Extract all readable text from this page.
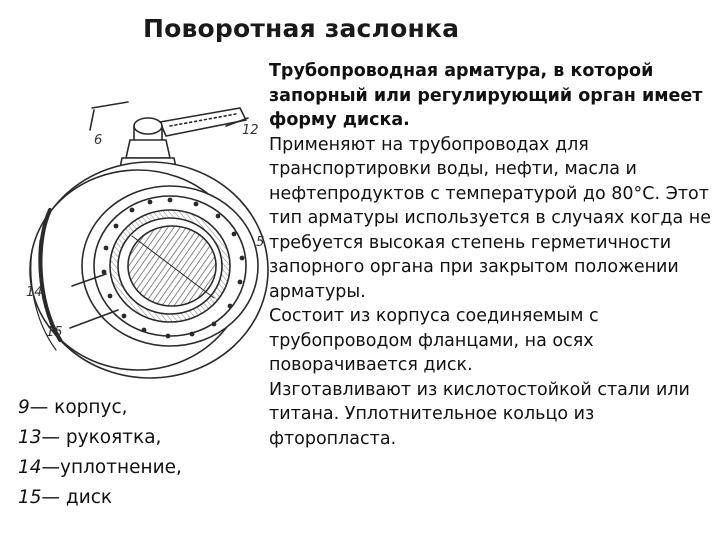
Поворотная заслонка
6
12
14
15
5
9— корпус,
13— рукоятка,
14—уплотнение,
15— диск

Трубопроводная арматура, в которой запорный или регулирующий орган имеет форму диска.

Применяют на трубопроводах для транспортировки воды, нефти, масла и нефтепродуктов с температурой до 80°С. Этот тип арматуры используется в случаях когда не требуется высокая степень герметичности запорного органа при закрытом положении арматуры.

Состоит из корпуса соединяемым с трубопроводом фланцами, на осях поворачивается диск.

Изготавливают из кислотостойкой стали или титана. Уплотнительное кольцо из фторопласта.
